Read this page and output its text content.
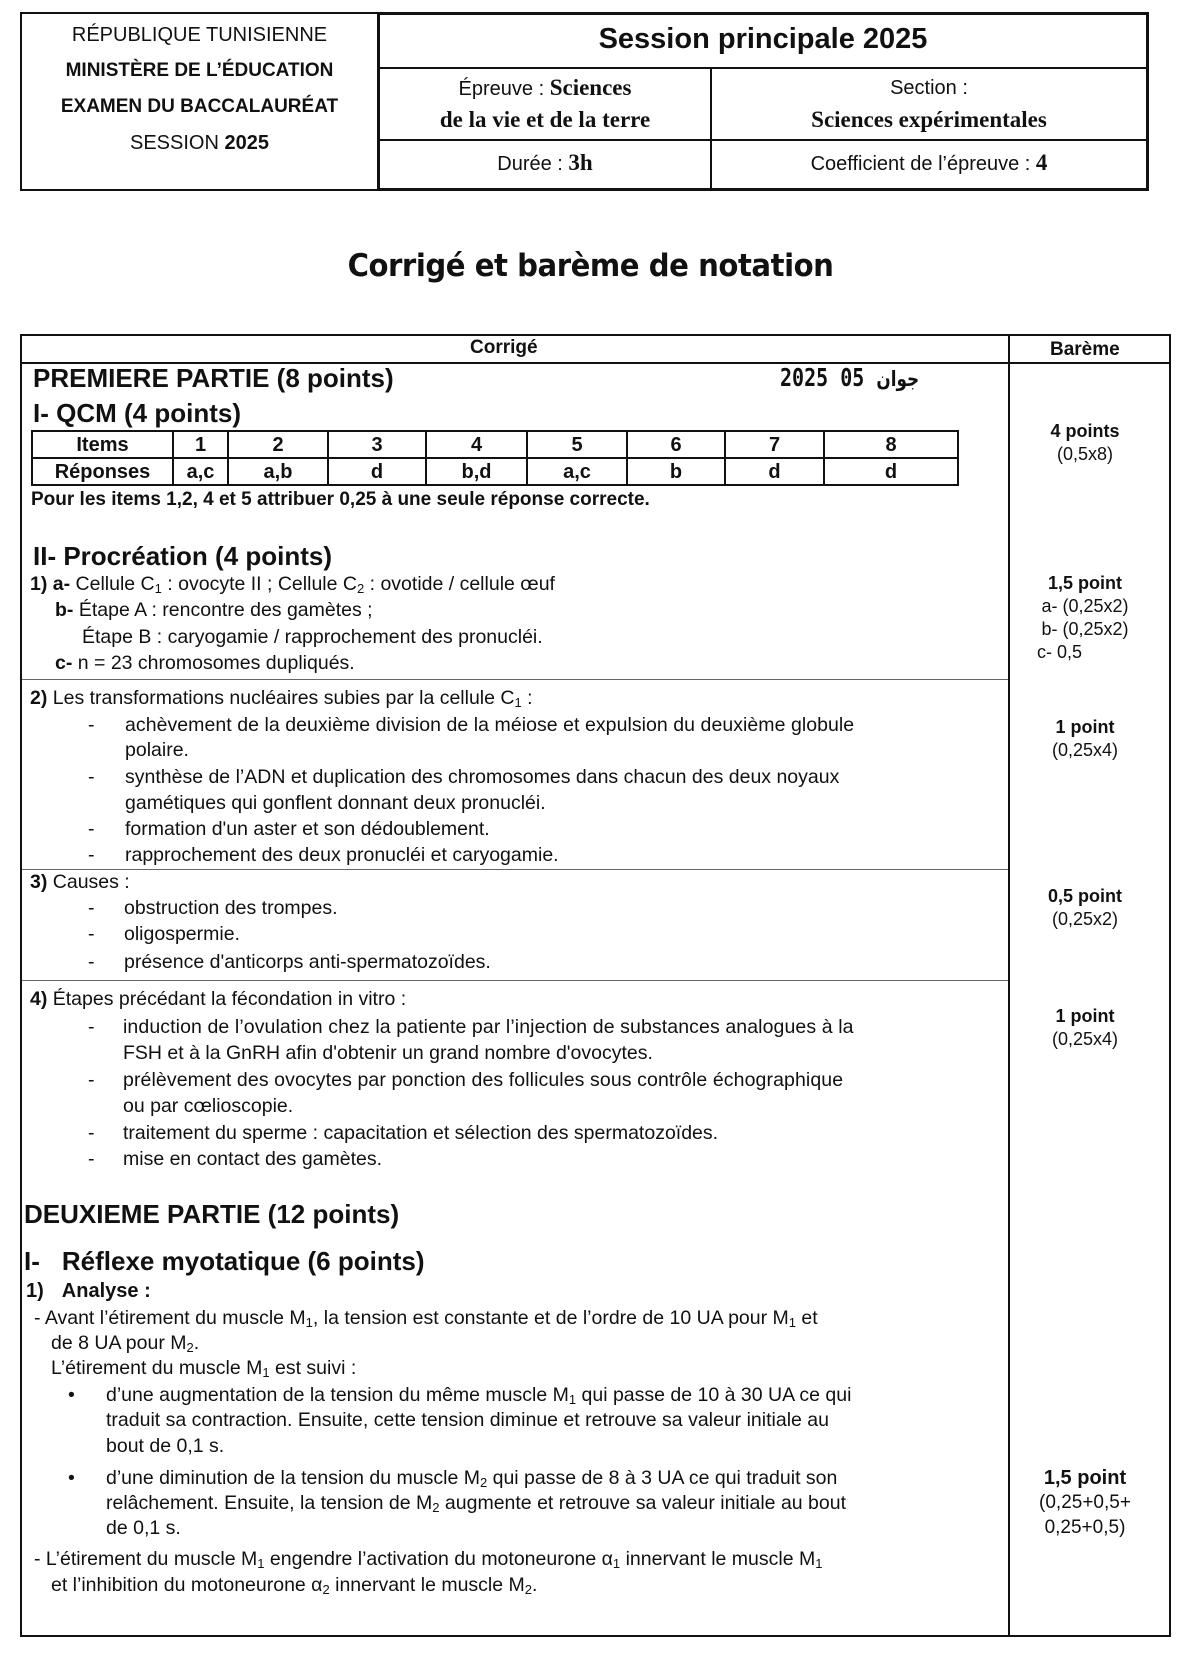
RÉPUBLIQUE TUNISIENNE
MINISTÈRE DE L’ÉDUCATION
EXAMEN DU BACCALAURÉAT
SESSION 2025
Session principale 2025
Épreuve : Sciences
de la vie et de la terre
Section :
Sciences expérimentales
Durée : 3h	Coefficient de l’épreuve : 4
Corrigé et barème de notation
Corrigé	Barème
2025 جوان 05
PREMIERE PARTIE (8 points)
I- QCM (4 points)
Items	1	2	3	4	5	6	7	8
Réponses	a,c	a,b	d	b,d	a,c	b	d	d
Pour les items 1,2, 4 et 5 attribuer 0,25 à une seule réponse correcte.
4 points
(0,5x8)
II- Procréation (4 points)
1) a- Cellule $C_1$ : ovocyte II ; Cellule $C_2$ : ovotide / cellule œuf
b- Étape A : rencontre des gamètes ;
Étape B : caryogamie / rapprochement des pronucléi.
c- n = 23 chromosomes dupliqués.
1,5 point
a- (0,25x2)
b- (0,25x2)
c- 0,5
2) Les transformations nucléaires subies par la cellule $C_1$ :
- achèvement de la deuxième division de la méiose et expulsion du deuxième globule
polaire.
- synthèse de l’ADN et duplication des chromosomes dans chacun des deux noyaux
gamétiques qui gonflent donnant deux pronucléi.
- formation d'un aster et son dédoublement.
- rapprochement des deux pronucléi et caryogamie.
1 point
(0,25x4)
3) Causes :
- obstruction des trompes.
- oligospermie.
- présence d'anticorps anti-spermatozoïdes.
0,5 point
(0,25x2)
4) Étapes précédant la fécondation in vitro :
- induction de l’ovulation chez la patiente par l’injection de substances analogues à la
FSH et à la GnRH afin d'obtenir un grand nombre d'ovocytes.
- prélèvement des ovocytes par ponction des follicules sous contrôle échographique
ou par cœlioscopie.
- traitement du sperme : capacitation et sélection des spermatozoïdes.
- mise en contact des gamètes.
1 point
(0,25x4)
DEUXIEME PARTIE (12 points)
I- Réflexe myotatique (6 points)
1) Analyse :
- Avant l’étirement du muscle $M_1$, la tension est constante et de l’ordre de 10 UA pour $M_1$ et
de 8 UA pour $M_2$.
L’étirement du muscle $M_1$ est suivi :
• d’une augmentation de la tension du même muscle $M_1$ qui passe de 10 à 30 UA ce qui
traduit sa contraction. Ensuite, cette tension diminue et retrouve sa valeur initiale au
bout de 0,1 s.
• d’une diminution de la tension du muscle $M_2$ qui passe de 8 à 3 UA ce qui traduit son
relâchement. Ensuite, la tension de $M_2$ augmente et retrouve sa valeur initiale au bout
de 0,1 s.
- L’étirement du muscle $M_1$ engendre l’activation du motoneurone $\alpha_1$ innervant le muscle $M_1$
et l’inhibition du motoneurone $\alpha_2$ innervant le muscle $M_2$.
1,5 point
(0,25+0,5+
0,25+0,5)
